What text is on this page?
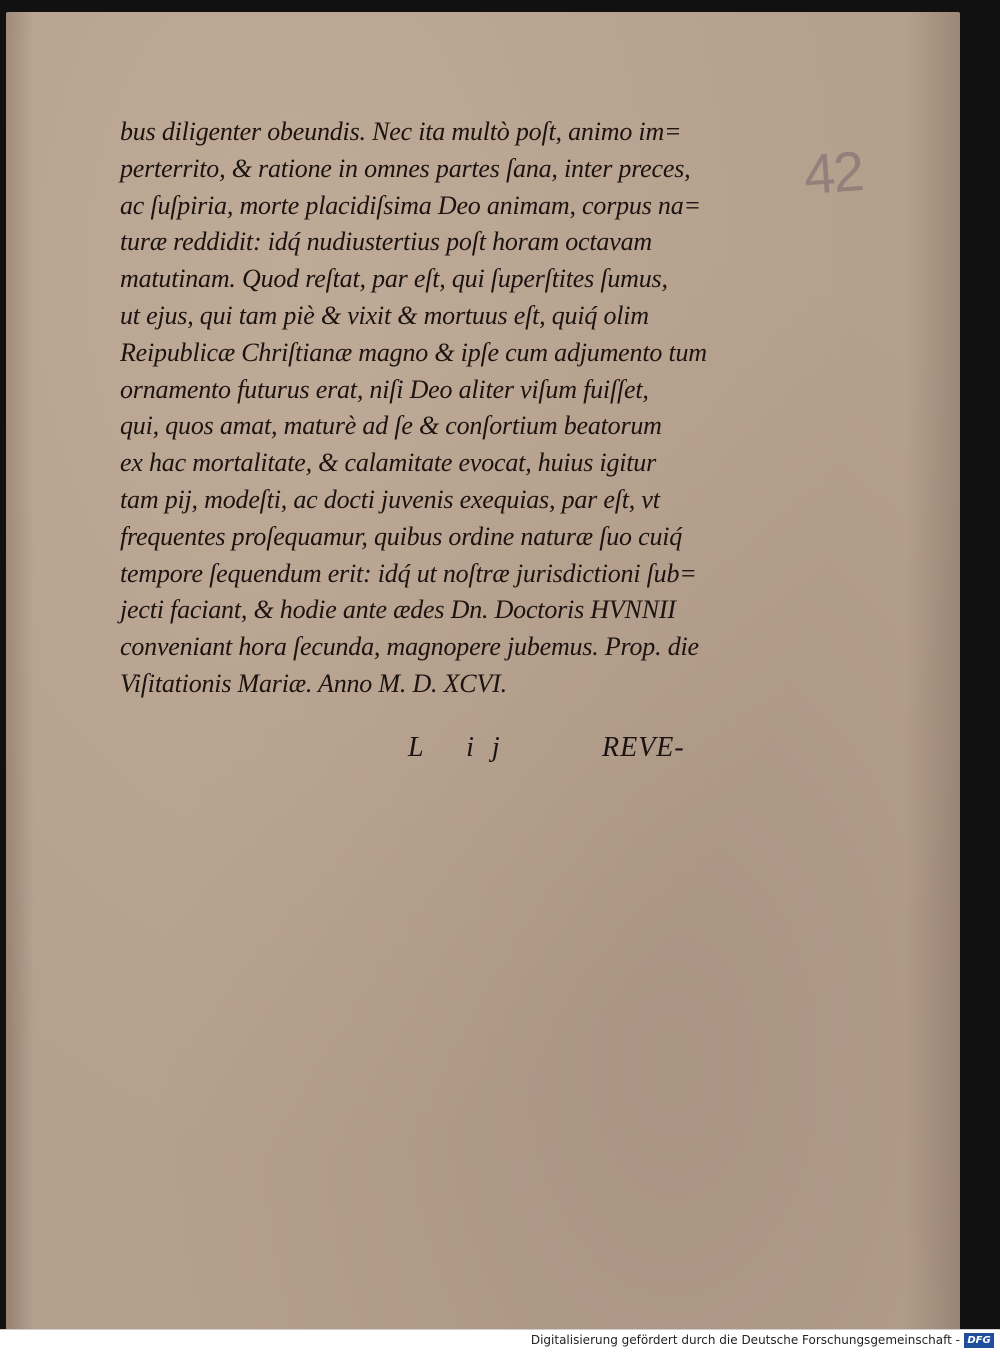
42
bus diligenter obeundis. Nec ita multò poſt, animo im=
perterrito, & ratione in omnes partes ſana, inter preces,
ac ſuſpiria, morte placidiſsima Deo animam, corpus na=
turæ reddidit: idq́ nudiustertius poſt horam octavam
matutinam. Quod reſtat, par eſt, qui ſuperſtites ſumus,
ut ejus, qui tam piè & vixit & mortuus eſt, quiq́ olim
Reipublicæ Chriſtianæ magno & ipſe cum adjumento tum
ornamento futurus erat, niſi Deo aliter viſum fuiſſet,
qui, quos amat, maturè ad ſe & conſortium beatorum
ex hac mortalitate, & calamitate evocat, huius igitur
tam pij, modeſti, ac docti juvenis exequias, par eſt, vt
frequentes proſequamur, quibus ordine naturæ ſuo cuiq́
tempore ſequendum erit: idq́ ut noſtræ jurisdictioni ſub=
jecti faciant, & hodie ante ædes Dn. Doctoris HVNNII
conveniant hora ſecunda, magnopere jubemus. Prop. die
Viſitationis Mariæ. Anno M. D. XCVI.
L ij	REVE-
Digitalisierung gefördert durch die Deutsche Forschungsgemeinschaft - DFG
